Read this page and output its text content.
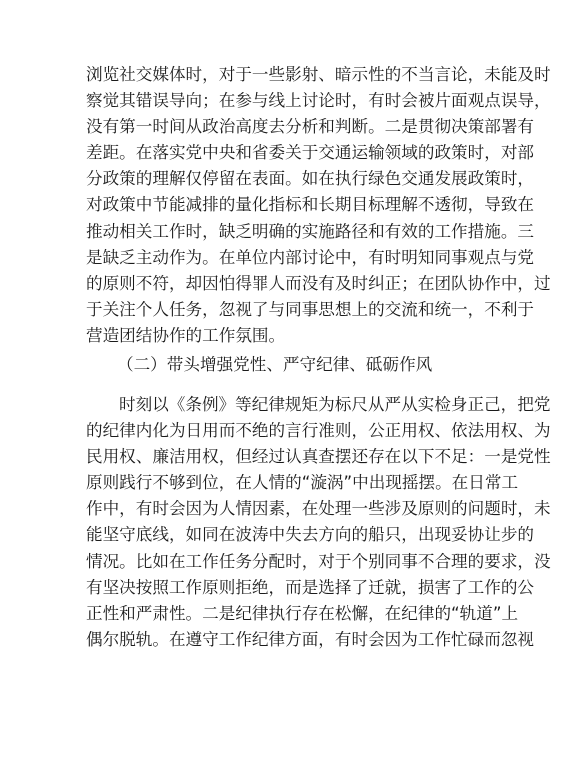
浏览社交媒体时，对于一些影射、暗示性的不当言论，未能及时
察觉其错误导向；在参与线上讨论时，有时会被片面观点误导，
没有第一时间从政治高度去分析和判断。二是贯彻决策部署有
差距。在落实党中央和省委关于交通运输领域的政策时，对部
分政策的理解仅停留在表面。如在执行绿色交通发展政策时，
对政策中节能减排的量化指标和长期目标理解不透彻，导致在
推动相关工作时，缺乏明确的实施路径和有效的工作措施。三
是缺乏主动作为。在单位内部讨论中，有时明知同事观点与党
的原则不符，却因怕得罪人而没有及时纠正；在团队协作中，过
于关注个人任务，忽视了与同事思想上的交流和统一，不利于
营造团结协作的工作氛围。
（二）带头增强党性、严守纪律、砥砺作风
时刻以《条例》等纪律规矩为标尺从严从实检身正己，把党
的纪律内化为日用而不绝的言行准则，公正用权、依法用权、为
民用权、廉洁用权，但经过认真查摆还存在以下不足：一是党性
原则践行不够到位，在人情的“漩涡”中出现摇摆。在日常工
作中，有时会因为人情因素，在处理一些涉及原则的问题时，未
能坚守底线，如同在波涛中失去方向的船只，出现妥协让步的
情况。比如在工作任务分配时，对于个别同事不合理的要求，没
有坚决按照工作原则拒绝，而是选择了迁就，损害了工作的公
正性和严肃性。二是纪律执行存在松懈，在纪律的“轨道”上
偶尔脱轨。在遵守工作纪律方面，有时会因为工作忙碌而忽视
